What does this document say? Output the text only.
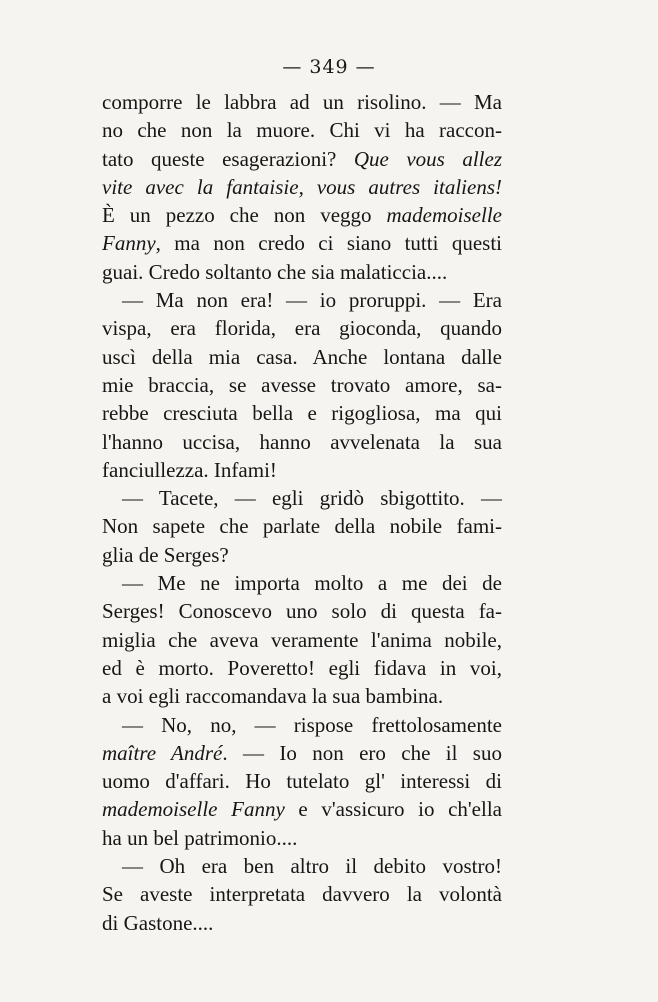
— 349 —
comporre le labbra ad un risolino. — Ma
no che non la muore. Chi vi ha raccon-
tato queste esagerazioni? Que vous allez
vite avec la fantaisie, vous autres italiens!
È un pezzo che non veggo mademoiselle
Fanny, ma non credo ci siano tutti questi
guai. Credo soltanto che sia malaticcia....
— Ma non era! — io proruppi. — Era
vispa, era florida, era gioconda, quando
uscì della mia casa. Anche lontana dalle
mie braccia, se avesse trovato amore, sa-
rebbe cresciuta bella e rigogliosa, ma qui
l'hanno uccisa, hanno avvelenata la sua
fanciullezza. Infami!
— Tacete, — egli gridò sbigottito. —
Non sapete che parlate della nobile fami-
glia de Serges?
— Me ne importa molto a me dei de
Serges! Conoscevo uno solo di questa fa-
miglia che aveva veramente l'anima nobile,
ed è morto. Poveretto! egli fidava in voi,
a voi egli raccomandava la sua bambina.
— No, no, — rispose frettolosamente
maître André. — Io non ero che il suo
uomo d'affari. Ho tutelato gl' interessi di
mademoiselle Fanny e v'assicuro io ch'ella
ha un bel patrimonio....
— Oh era ben altro il debito vostro!
Se aveste interpretata davvero la volontà
di Gastone....
